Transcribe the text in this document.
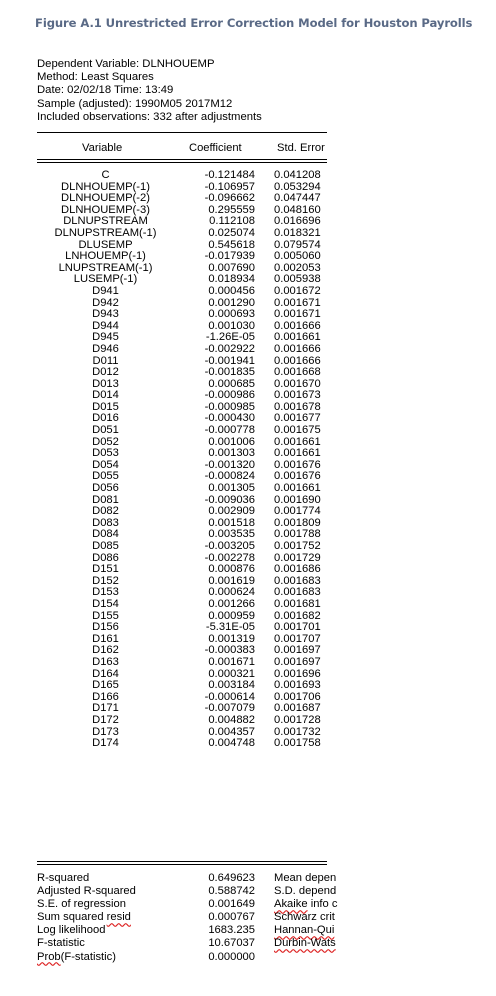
Figure A.1 Unrestricted Error Correction Model for Houston Payrolls
Dependent Variable: DLNHOUEMP
Method: Least Squares
Date: 02/02/18 Time: 13:49
Sample (adjusted): 1990M05 2017M12
Included observations: 332 after adjustments
Variable	Coefficient	Std. Error
C	-0.121484 0.041208
DLNHOUEMP(-1)	-0.106957 0.053294
DLNHOUEMP(-2)	-0.096662 0.047447
DLNHOUEMP(-3)	0.295559 0.048160
DLNUPSTREAM	0.112108 0.016696
DLNUPSTREAM(-1)	0.025074 0.018321
DLUSEMP	0.545618 0.079574
LNHOUEMP(-1)	-0.017939 0.005060
LNUPSTREAM(-1)	0.007690 0.002053
LUSEMP(-1)	0.018934 0.005938
D941	0.000456 0.001672
D942	0.001290 0.001671
D943	0.000693 0.001671
D944	0.001030 0.001666
D945	-1.26E-05 0.001661
D946	-0.002922 0.001666
D011	-0.001941 0.001666
D012	-0.001835 0.001668
D013	0.000685 0.001670
D014	-0.000986 0.001673
D015	-0.000985 0.001678
D016	-0.000430 0.001677
D051	-0.000778 0.001675
D052	0.001006 0.001661
D053	0.001303 0.001661
D054	-0.001320 0.001676
D055	-0.000824 0.001676
D056	0.001305 0.001661
D081	-0.009036 0.001690
D082	0.002909 0.001774
D083	0.001518 0.001809
D084	0.003535 0.001788
D085	-0.003205 0.001752
D086	-0.002278 0.001729
D151	0.000876 0.001686
D152	0.001619 0.001683
D153	0.000624 0.001683
D154	0.001266 0.001681
D155	0.000959 0.001682
D156	-5.31E-05 0.001701
D161	0.001319 0.001707
D162	-0.000383 0.001697
D163	0.001671 0.001697
D164	0.000321 0.001696
D165	0.003184 0.001693
D166	-0.000614 0.001706
D171	-0.007079 0.001687
D172	0.004882 0.001728
D173	0.004357 0.001732
D174	0.004748 0.001758
R-squared	0.649623 Mean depen
Adjusted R-squared	0.588742 S.D. depend
S.E. of regression	0.001649 Akaike info c
Sum squared resid	0.000767 Schwarz crit
Log likelihood	1683.235 Hannan-Qui
F-statistic	10.67037 Durbin-Wats
Prob(F-statistic)	0.000000
